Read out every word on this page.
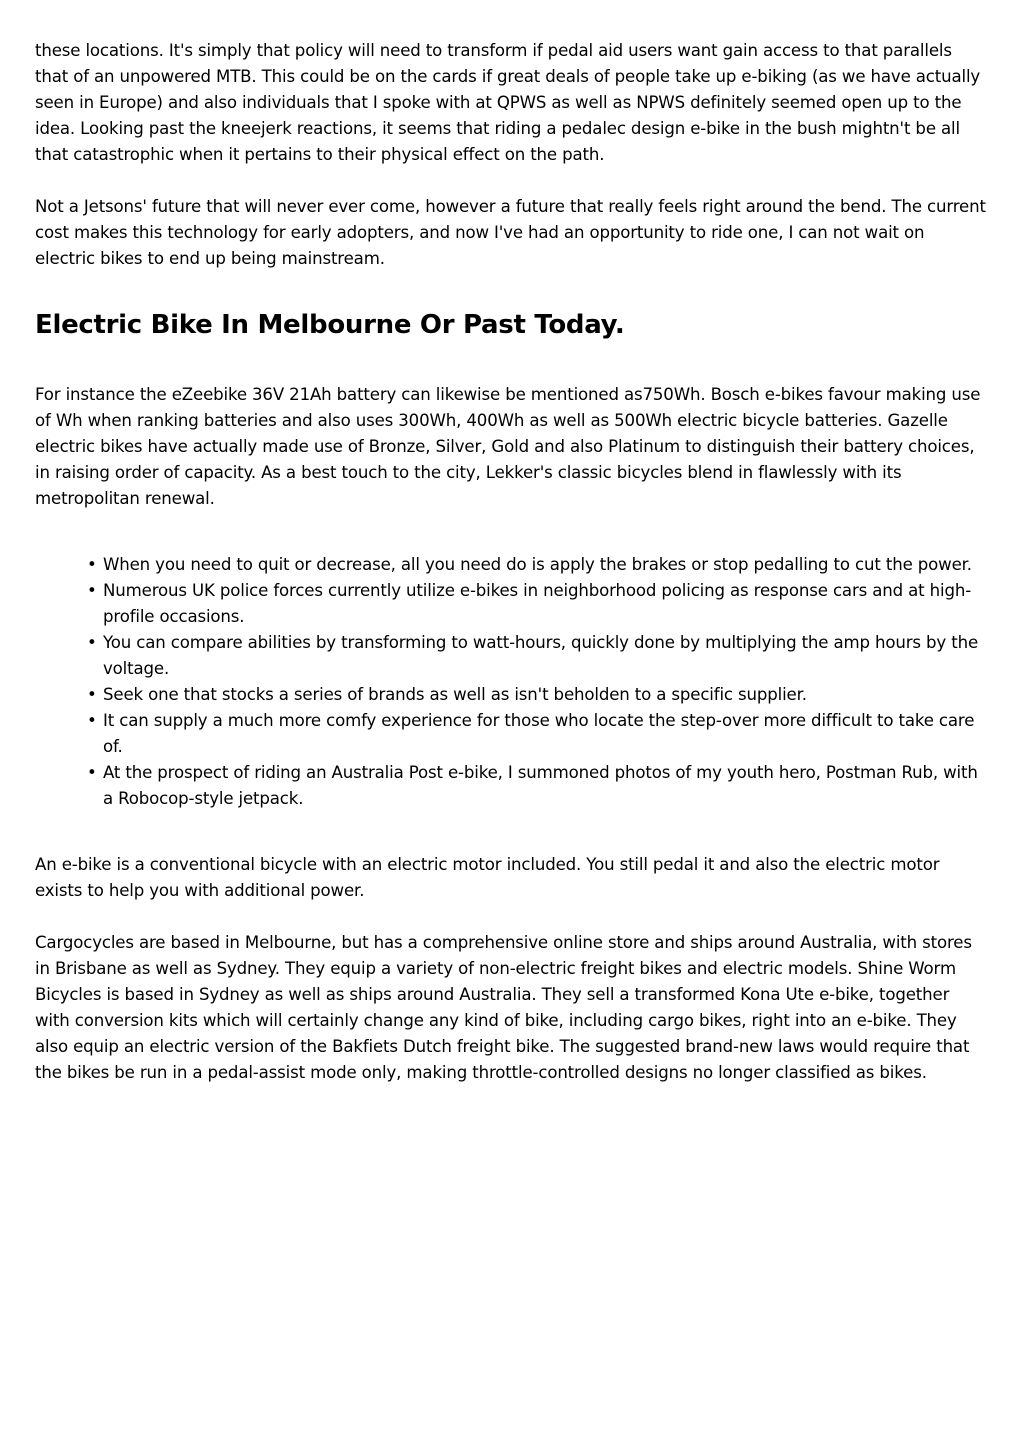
these locations. It's simply that policy will need to transform if pedal aid users want gain access to that parallels that of an unpowered MTB. This could be on the cards if great deals of people take up e-biking (as we have actually seen in Europe) and also individuals that I spoke with at QPWS as well as NPWS definitely seemed open up to the idea. Looking past the kneejerk reactions, it seems that riding a pedalec design e-bike in the bush mightn't be all that catastrophic when it pertains to their physical effect on the path.

Not a Jetsons' future that will never ever come, however a future that really feels right around the bend. The current cost makes this technology for early adopters, and now I've had an opportunity to ride one, I can not wait on electric bikes to end up being mainstream.

Electric Bike In Melbourne Or Past Today.

For instance the eZeebike 36V 21Ah battery can likewise be mentioned as750Wh. Bosch e-bikes favour making use of Wh when ranking batteries and also uses 300Wh, 400Wh as well as 500Wh electric bicycle batteries. Gazelle electric bikes have actually made use of Bronze, Silver, Gold and also Platinum to distinguish their battery choices, in raising order of capacity. As a best touch to the city, Lekker's classic bicycles blend in flawlessly with its metropolitan renewal.

• When you need to quit or decrease, all you need do is apply the brakes or stop pedalling to cut the power.
• Numerous UK police forces currently utilize e-bikes in neighborhood policing as response cars and at high-profile occasions.
• You can compare abilities by transforming to watt-hours, quickly done by multiplying the amp hours by the voltage.
• Seek one that stocks a series of brands as well as isn't beholden to a specific supplier.
• It can supply a much more comfy experience for those who locate the step-over more difficult to take care of.
• At the prospect of riding an Australia Post e-bike, I summoned photos of my youth hero, Postman Rub, with a Robocop-style jetpack.

An e-bike is a conventional bicycle with an electric motor included. You still pedal it and also the electric motor exists to help you with additional power.

Cargocycles are based in Melbourne, but has a comprehensive online store and ships around Australia, with stores in Brisbane as well as Sydney. They equip a variety of non-electric freight bikes and electric models. Shine Worm Bicycles is based in Sydney as well as ships around Australia. They sell a transformed Kona Ute e-bike, together with conversion kits which will certainly change any kind of bike, including cargo bikes, right into an e-bike. They also equip an electric version of the Bakfiets Dutch freight bike. The suggested brand-new laws would require that the bikes be run in a pedal-assist mode only, making throttle-controlled designs no longer classified as bikes.
